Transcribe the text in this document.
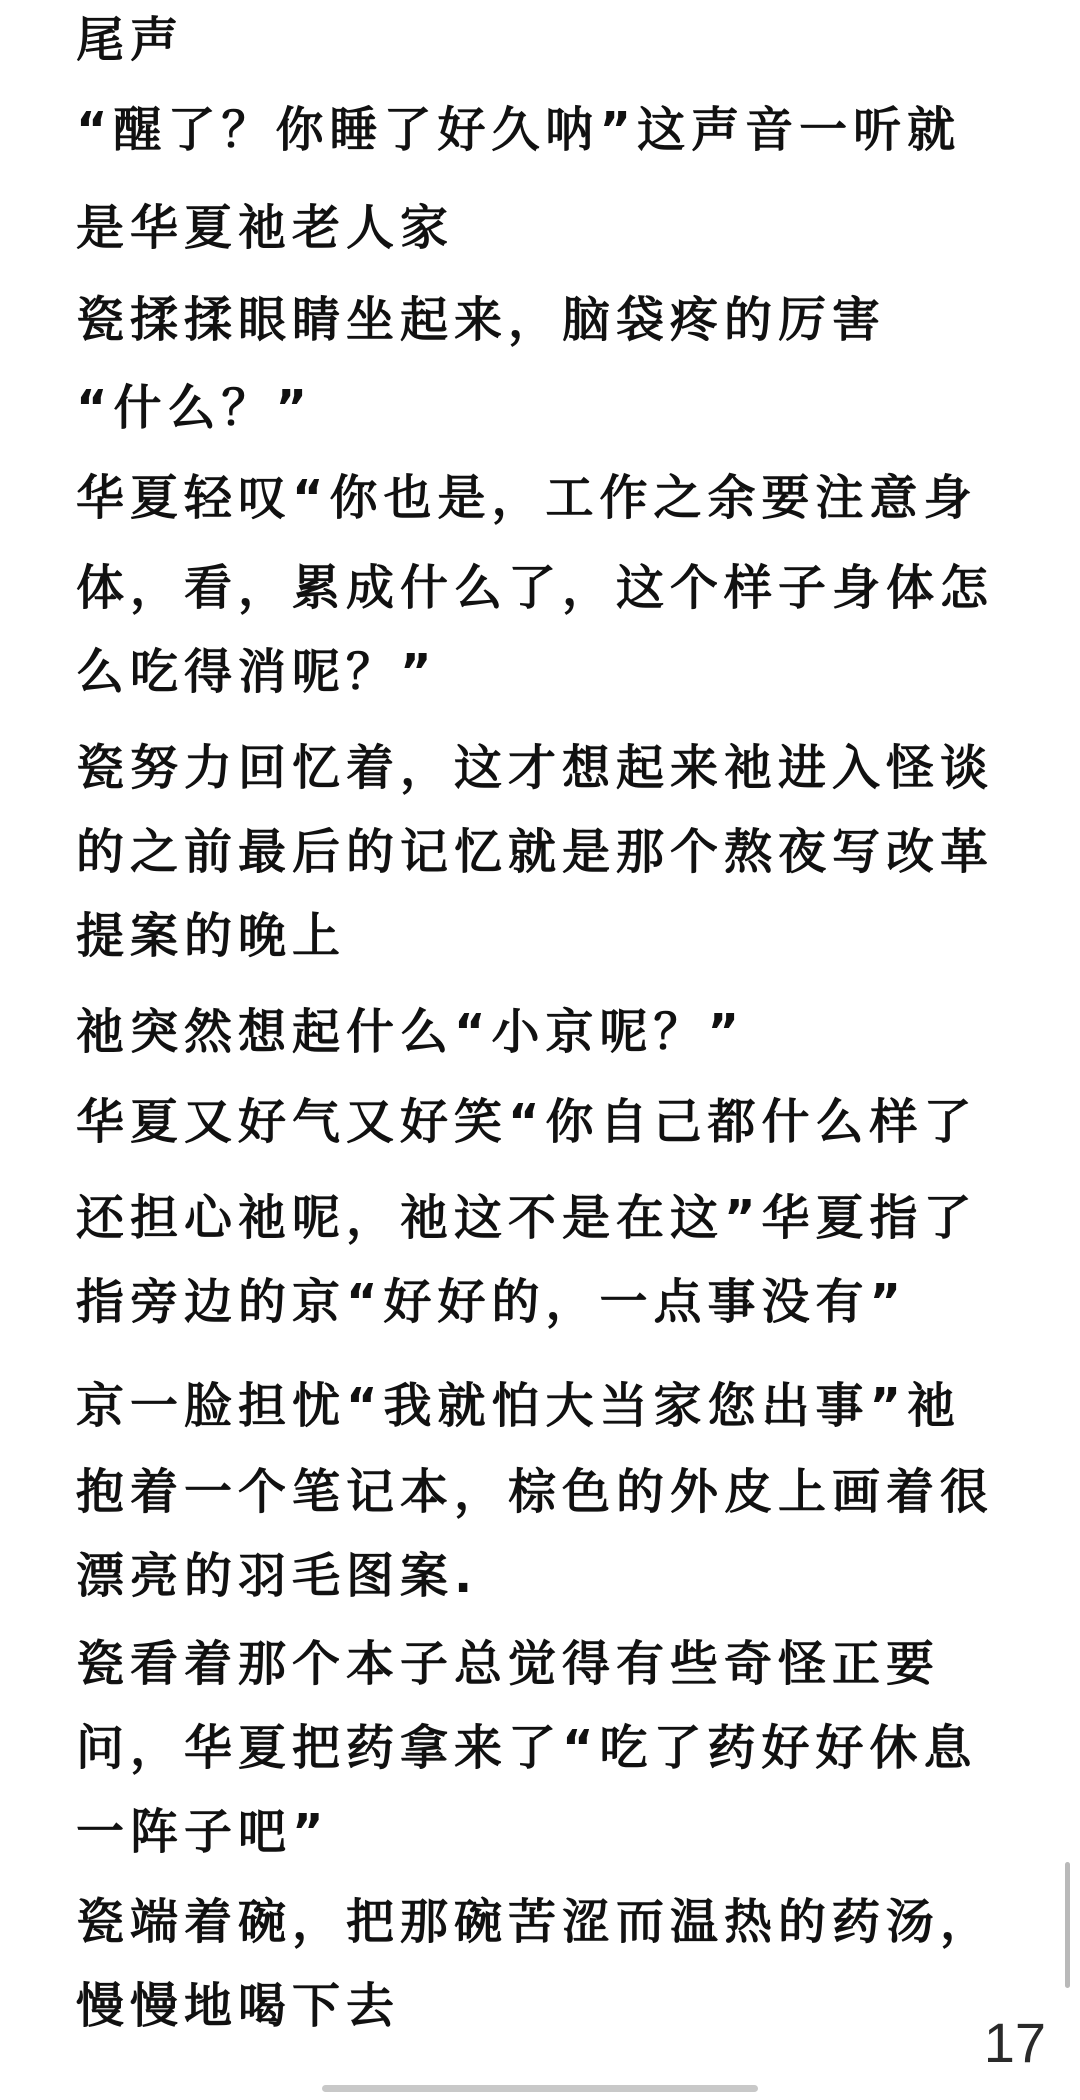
尾声
“醒了？你睡了好久呐”这声音一听就
是华夏祂老人家
瓷揉揉眼睛坐起来，脑袋疼的厉害
“什么？”
华夏轻叹“你也是，工作之余要注意身
体，看，累成什么了，这个样子身体怎
么吃得消呢？”
瓷努力回忆着，这才想起来祂进入怪谈
的之前最后的记忆就是那个熬夜写改革
提案的晚上
祂突然想起什么“小京呢？”
华夏又好气又好笑“你自己都什么样了
还担心祂呢，祂这不是在这”华夏指了
指旁边的京“好好的，一点事没有”
京一脸担忧“我就怕大当家您出事”祂
抱着一个笔记本，棕色的外皮上画着很
漂亮的羽毛图案.
瓷看着那个本子总觉得有些奇怪正要
问，华夏把药拿来了“吃了药好好休息
一阵子吧”
瓷端着碗，把那碗苦涩而温热的药汤，
慢慢地喝下去
17
